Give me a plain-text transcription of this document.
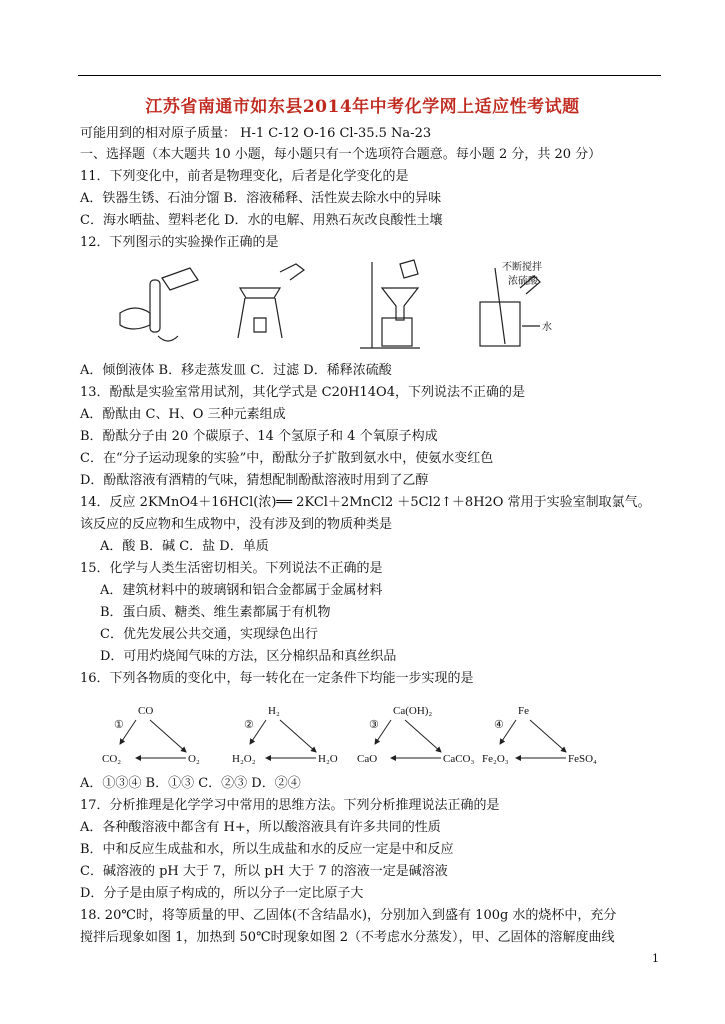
江苏省南通市如东县2014年中考化学网上适应性考试题
可能用到的相对原子质量： H-1 C-12 O-16 Cl-35.5 Na-23
一、选择题（本大题共 10 小题，每小题只有一个选项符合题意。每小题 2 分，共 20 分）
11．下列变化中，前者是物理变化，后者是化学变化的是
A．铁器生锈、石油分馏 B．溶液稀释、活性炭去除水中的异味
C．海水晒盐、塑料老化 D．水的电解、用熟石灰改良酸性土壤
12．下列图示的实验操作正确的是
A．倾倒液体 B．移走蒸发皿 C．过滤 D．稀释浓硫酸
13．酚酞是实验室常用试剂，其化学式是 C20H14O4，下列说法不正确的是
A．酚酞由 C、H、O 三种元素组成
B．酚酞分子由 20 个碳原子、14 个氢原子和 4 个氧原子构成
C．在“分子运动现象的实验”中，酚酞分子扩散到氨水中，使氨水变红色
D．酚酞溶液有酒精的气味，猜想配制酚酞溶液时用到了乙醇
14．反应 2KMnO4＋16HCl(浓)══ 2KCl＋2MnCl2 ＋5Cl2↑＋8H2O 常用于实验室制取氯气。
该反应的反应物和生成物中，没有涉及到的物质种类是
A．酸 B．碱 C．盐 D．单质
15．化学与人类生活密切相关。下列说法不正确的是
A．建筑材料中的玻璃钢和铝合金都属于金属材料
B．蛋白质、糖类、维生素都属于有机物
C．优先发展公共交通，实现绿色出行
D．可用灼烧闻气味的方法，区分棉织品和真丝织品
16．下列各物质的变化中，每一转化在一定条件下均能一步实现的是
A．①③④ B．①③ C．②③ D．②④
17．分析推理是化学学习中常用的思维方法。下列分析推理说法正确的是
A．各种酸溶液中都含有 H+，所以酸溶液具有许多共同的性质
B．中和反应生成盐和水，所以生成盐和水的反应一定是中和反应
C．碱溶液的 pH 大于 7，所以 pH 大于 7 的溶液一定是碱溶液
D．分子是由原子构成的，所以分子一定比原子大
18. 20℃时，将等质量的甲、乙固体(不含结晶水)，分别加入到盛有 100g 水的烧杯中，充分
搅拌后现象如图 1，加热到 50℃时现象如图 2（不考虑水分蒸发），甲、乙固体的溶解度曲线
不断搅拌
浓硫酸
水
①
CO
CO₂	O₂
②
H₂
H₂O₂	H₂O
③
Ca(OH)₂
CaO	CaCO₃
④
Fe
Fe₂O₃	FeSO₄
1
